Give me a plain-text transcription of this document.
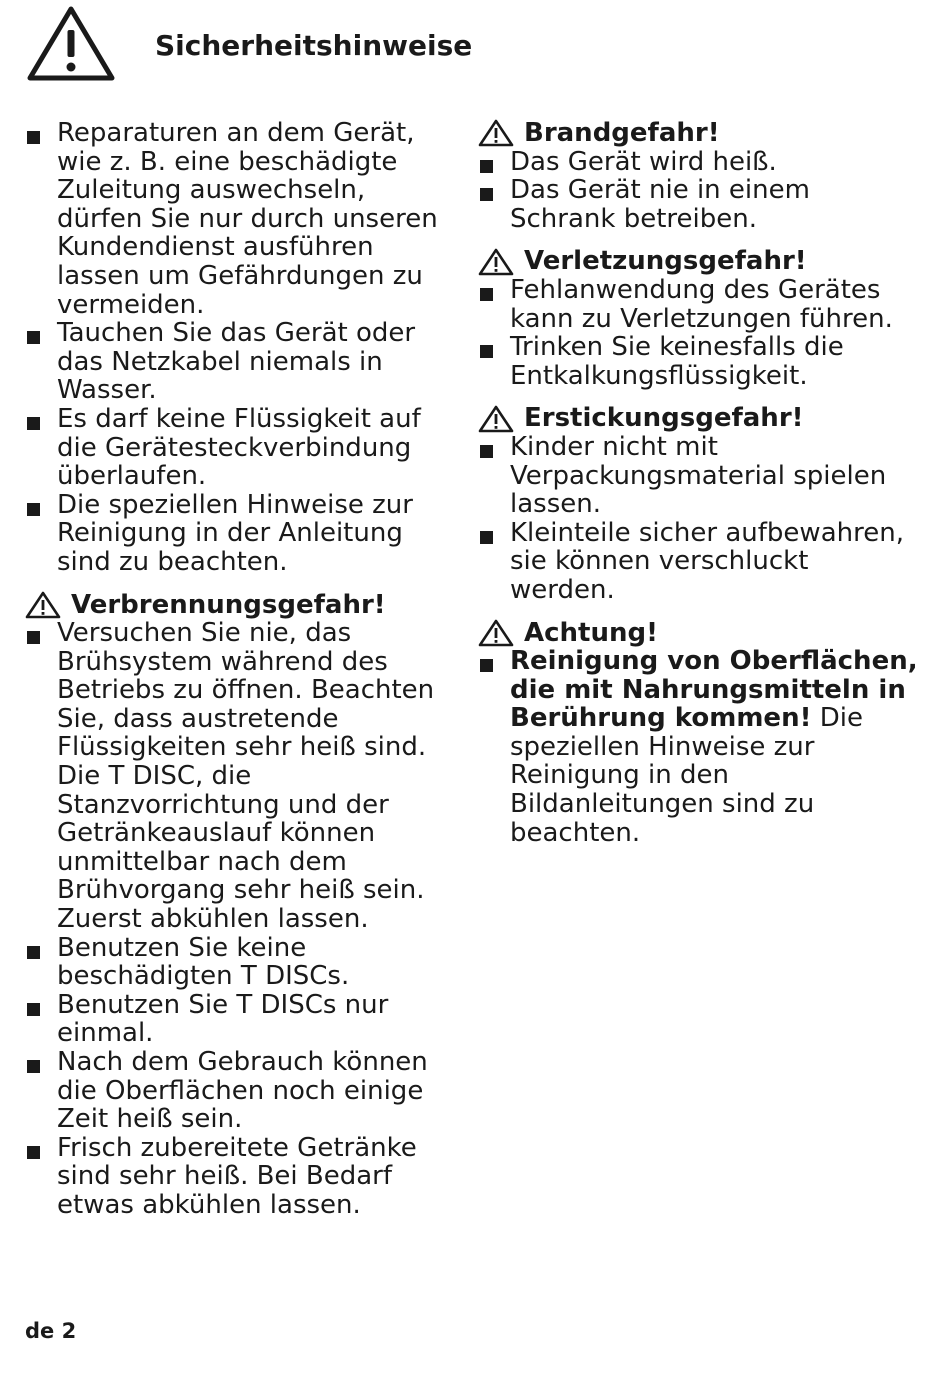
Sicherheitshinweise
Reparaturen an dem Gerät, wie z. B. eine beschädigte Zuleitung auswechseln, dürfen Sie nur durch unseren Kundendienst ausführen lassen um Gefährdungen zu vermeiden.
Tauchen Sie das Gerät oder das Netzkabel niemals in Wasser.
Es darf keine Flüssigkeit auf die Gerätesteckverbindung überlaufen.
Die speziellen Hinweise zur Reinigung in der Anleitung sind zu beachten.
Verbrennungsgefahr!
Versuchen Sie nie, das Brühsystem während des Betriebs zu öffnen. Beachten Sie, dass austretende Flüssigkeiten sehr heiß sind. Die T DISC, die Stanzvorrichtung und der Getränkeauslauf können unmittelbar nach dem Brühvorgang sehr heiß sein. Zuerst abkühlen lassen.
Benutzen Sie keine beschädigten T DISCs.
Benutzen Sie T DISCs nur einmal.
Nach dem Gebrauch können die Oberflächen noch einige Zeit heiß sein.
Frisch zubereitete Getränke sind sehr heiß. Bei Bedarf etwas abkühlen lassen.
Brandgefahr!
Das Gerät wird heiß.
Das Gerät nie in einem Schrank betreiben.
Verletzungsgefahr!
Fehlanwendung des Gerätes kann zu Verletzungen führen.
Trinken Sie keinesfalls die Entkalkungsflüssigkeit.
Erstickungsgefahr!
Kinder nicht mit Verpackungsmaterial spielen lassen.
Kleinteile sicher aufbewahren, sie können verschluckt werden.
Achtung!
Reinigung von Oberflächen, die mit Nahrungsmitteln in Berührung kommen! Die speziellen Hinweise zur Reinigung in den Bildanleitungen sind zu beachten.
de 2
